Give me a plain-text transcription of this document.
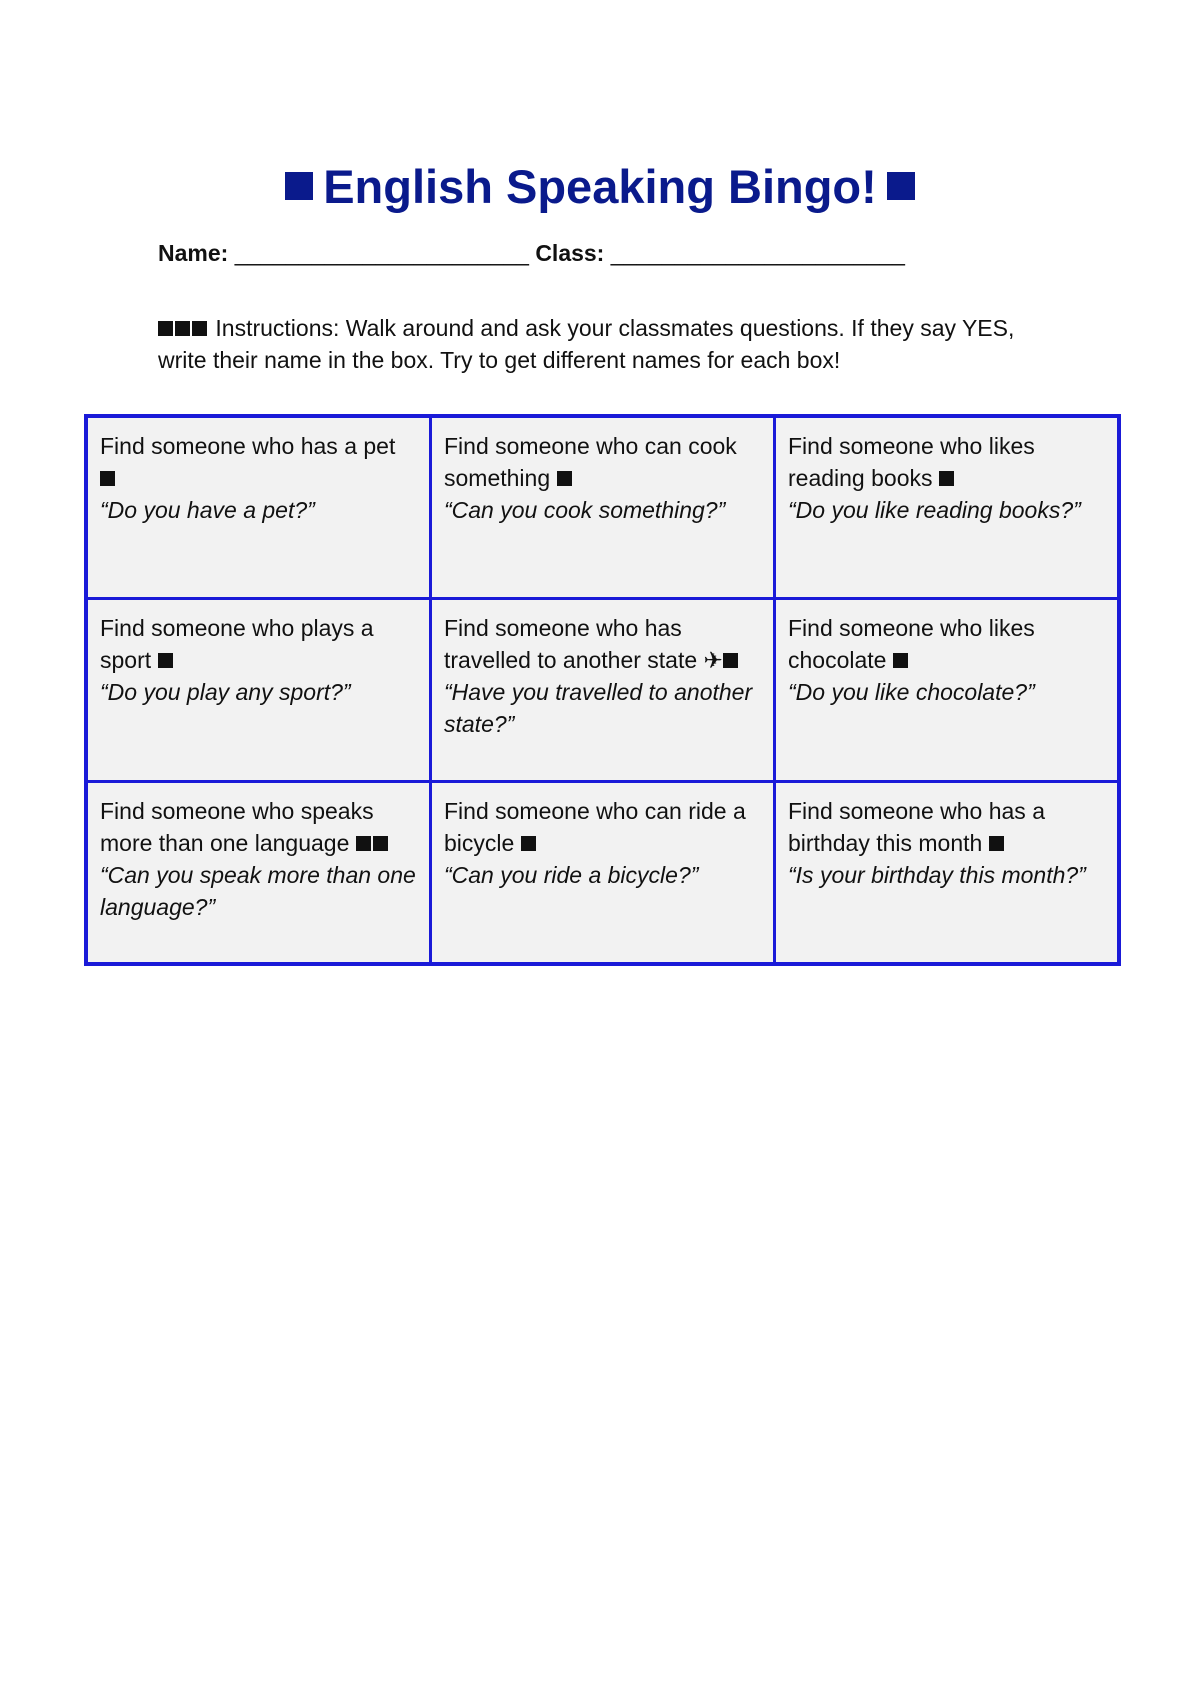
English Speaking Bingo!
Name: _______________________ Class: _______________________

Instructions: Walk around and ask your classmates questions. If they say YES, write their name in the box. Try to get different names for each box!

Find someone who has a pet
“Do you have a pet?”
Find someone who can cook something
“Can you cook something?”
Find someone who likes reading books
“Do you like reading books?”
Find someone who plays a sport
“Do you play any sport?”
Find someone who has travelled to another state ✈
“Have you travelled to another state?”
Find someone who likes chocolate
“Do you like chocolate?”
Find someone who speaks more than one language
“Can you speak more than one language?”
Find someone who can ride a bicycle
“Can you ride a bicycle?”
Find someone who has a birthday this month
“Is your birthday this month?”
